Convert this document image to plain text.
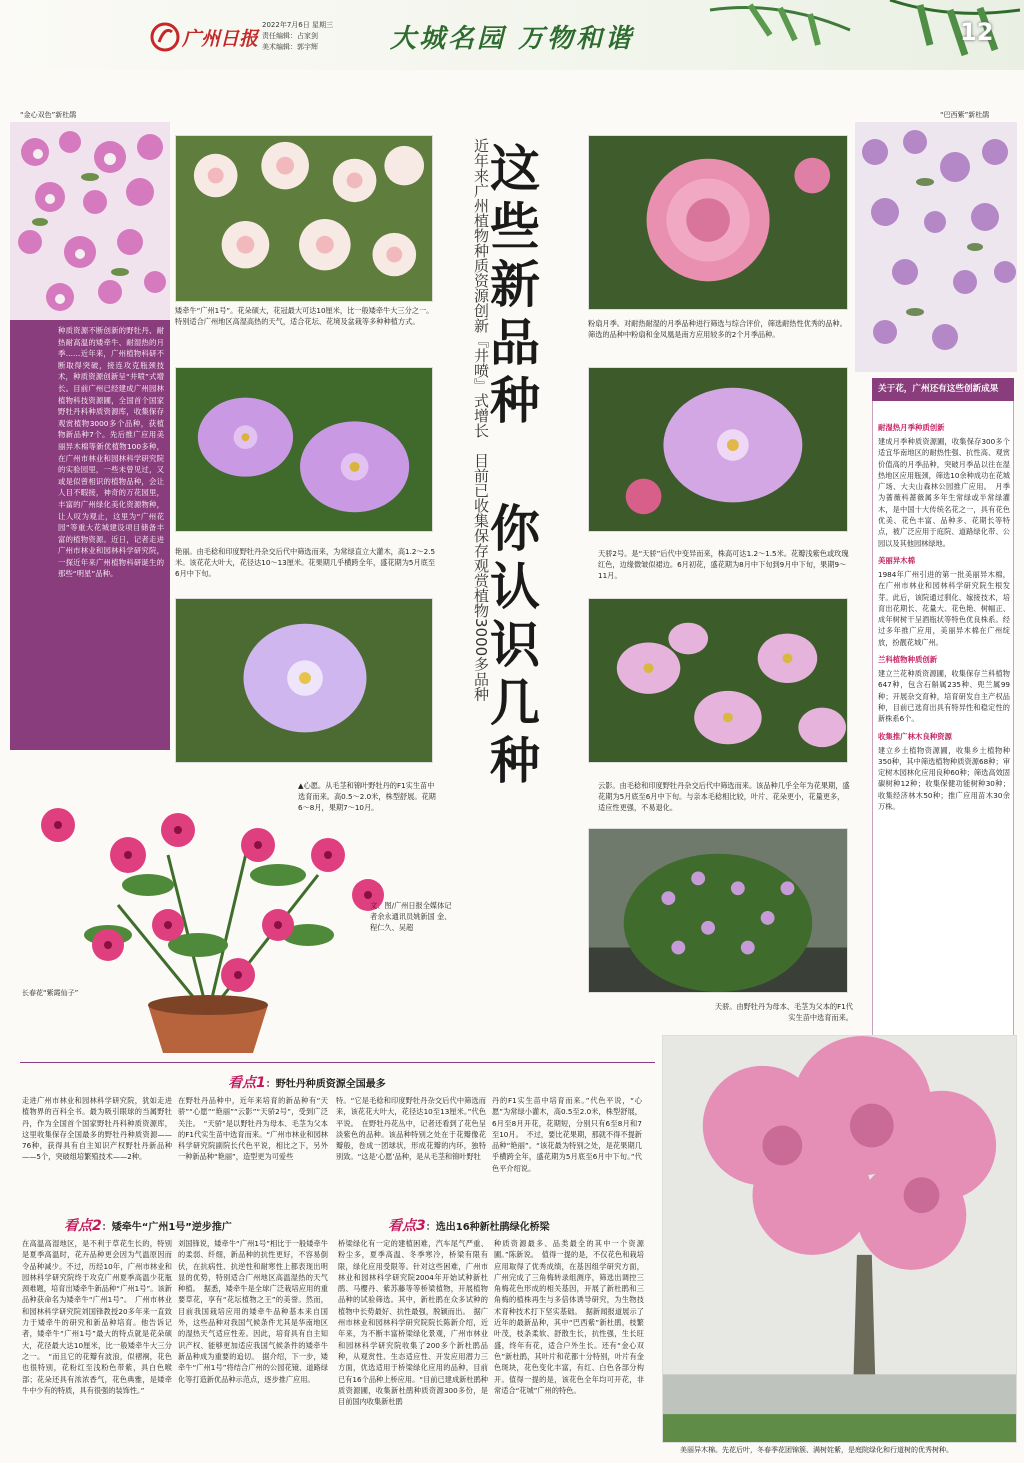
广州日报
2022年7月6日 星期三
责任编辑：占家剑
美术编辑：郭宇辉	大城名园 万物和谐	12
“金心双色”新杜鹃	“巴西紫”新杜鹃
种质资源不断创新的野牡丹、耐热耐高温的矮牵牛、耐湿热的月季……近年来，广州植物科研不断取得突破，接连攻克瓶颈技术，种质资源创新呈“井喷”式增长。目前广州已经建成广州园林植物科技资源圃，全国首个国家野牡丹科种质资源库，收集保存观赏植物3000多个品种，获植物新品种7个。先后推广应用美丽异木棉等新优植物100多种，在广州市林业和园林科学研究院的实验园里，一些未曾见过，又或是似曾相识的植物品种，会让人目不暇接，神奇的万花园里，丰富的广州绿化美化资源物种，让人叹为观止，这里为“广州花园”等重大花城建设项目储备丰富的植物资源。近日，记者走进广州市林业和园林科学研究院，一探近年来广州植物科研诞生的那些“明星”品种。
这些新品种
你认识几种
近年来广州植物种质资源创新『井喷』式增长　目前已收集保存观赏植物3000多品种
矮牵牛“广州1号”。花朵硕大，花冠最大可达10厘米，比一般矮牵牛大三分之一。特别适合广州地区高湿高热的天气，适合花坛、花境及盆栽等多种种植方式。
艳丽。由毛稔和印度野牡丹杂交后代中筛选而来，为常绿直立大灌木，高1.2～2.5米。该花花大叶大，花径达10～13厘米。花果期几乎横跨全年，盛花期为5月底至6月中下旬。
▲心愿。从毛茎和锦叶野牡丹的F1实生苗中选育而来。高0.5～2.0米，株型舒展。花期6～8月，果期7～10月。
长春花“紫霞仙子”
文、图/广州日报全媒体记者余永通讯员姚新国 金、程仁久、吴超
粉扇月季。对耐热耐湿的月季品种进行筛选与综合评价，筛选耐热性优秀的品种。筛选的品种中粉扇和金凤凰是南方应用较多的2个月季品种。
天骄2号。是“天骄”后代中变异而来，株高可达1.2～1.5米。花瓣浅紫色或玫瑰红色，边缘微皱似裙边。6月初花，盛花期为8月中下旬到9月中下旬，果期9～11月。
云影。由毛稔和印度野牡丹杂交后代中筛选而来。该品种几乎全年为花果期，盛花期为5月底至6月中下旬。与亲本毛稔相比较，叶片、花朵更小，花量更多，适应性更强，不易退化。
天骄。由野牡丹为母本、毛茎为父本的F1代实生苗中选育而来。
关于花，广州还有这些创新成果
耐湿热月季种质创新
建成月季种质资源圃，收集保存300多个适宜华南地区的耐热性强、抗性高、观赏价值高的月季品种，突破月季品以往在湿热地区应用瓶颈，筛选10余种成功在花城广场、大夫山森林公园推广应用。　月季为蔷薇科蔷薇属多年生常绿或半常绿灌木，是中国十大传统名花之一，具有花色优美、花色丰富、品种多、花期长等特点，被广泛应用于庭院、道路绿化带、公园以及其他园林绿地。
美丽异木棉
1984年广州引进的第一批美丽异木棉，在广州市林业和园林科学研究院生根发芽。此后，该院通过驯化、嫁接技术，培育出花期长、花量大、花色艳、树幅正、成年树树干呈酒瓶状等特色优良株系。经过多年推广应用，美丽异木棉在广州绽放，扮靓花城广州。
兰科植物种质创新
建立兰花种质资源圃，收集保存兰科植物647种，包含石斛属235种、兜兰属99种；开展杂交育种，培育研发自主产权品种，目前已选育出具有特异性和稳定性的新株系6个。
收集推广林木良种资源
建立乡土植物资源圃，收集乡土植物种350种，其中筛选植物种质资源68种；审定树木园林化应用良种60种；筛选高效固碳树种12种；收集保健功能树种30种；收集经济林木50种；推广应用苗木30余万株。
看点1：野牡丹种质资源全国最多
走进广州市林业和园林科学研究院，犹如走进植物界的百科全书。最为吸引眼球的当属野牡丹，作为全国首个国家野牡丹科种质资源库，这里收集保存全国最多的野牡丹种质资源——76种，获得具有自主知识产权野牡丹新品种——5个，突破组培繁殖技术——2种。
在野牡丹品种中，近年来培育的新品种有“天骄”“心愿”“艳丽”“云影”“天骄2号”，受到广泛关注。　“天骄”是以野牡丹为母本、毛茎为父本的F1代实生苗中选育而来。“广州市林业和园林科学研究院副院长代色平说，相比之下，另外一种新品种“艳丽”，造型更为可爱些
特。“它是毛稔和印度野牡丹杂交后代中筛选而来，该花花大叶大，花径达10至13厘米。”代色平说。　在野牡丹花丛中，记者还看到了花色呈淡紫色的品种。该品种特别之处在于花瓣像花瓣般，卷成一团球状，形成花瓣的内环，独特别致。“这是‘心愿’品种，是从毛茎和锦叶野牡
丹的F1实生苗中培育而来。”代色平说，“心愿”为常绿小灌木，高0.5至2.0米，株型舒展，6月至8月开花，花期短，分别只有6至8月和7至10月。　不过，要比花果期，那就不得不提新品种“艳丽”。“该花最为特别之处，是花果期几乎横跨全年，盛花期为5月底至6月中下旬。”代色平介绍说。
看点2：矮牵牛“广州1号”逆步推广
在高温高湿地区，是不利于草花生长的，特别是夏季高温时，花卉品种更会因为气温原因而令品种减少。不过，历经10年，广州市林业和园林科学研究院终于攻克广州夏季高温少花瓶颈难题，培育出矮牵牛新品种“广州1号”。该新品种获命名为矮牵牛“广州1号”。　广州市林业和园林科学研究院刘国锋教授20多年来一直致力于矮牵牛的研究和新品种培育。他告诉记者，矮牵牛“广州1号”最大的特点就是花朵硕大，花径最大达10厘米，比一般矮牵牛大三分之一。　“而且它的花瓣有波浪，似褶裥，花色也很特别，花粉红至浅粉色带紫，具白色喉部；花朵还具有浓浓香气，花色典雅，是矮牵牛中少有的特质，具有很强的装饰性。”
刘国锋说，矮牵牛“广州1号”相比于一般矮牵牛的柔弱、纤细，新品种的抗性更好，不容易倒伏，在抗病性、抗逆性和耐寒性上都表现出明显的优势，特别适合广州地区高温湿热的天气种植。　据悉，矮牵牛是全球广泛栽培应用的重要草花，享有“花坛植物之王”的美誉。然而，目前我国栽培应用的矮牵牛品种基本来自国外，这些品种对我国气候条件尤其是华南地区的湿热天气适应性差。因此，培育具有自主知识产权、能够更加适应我国气候条件的矮牵牛新品种成为重要的追切。　据介绍，下一步，矮牵牛“广州1号”将结合广州的公园花镜、道路绿化等打造新优品种示范点，逐步推广应用。
看点3：选出16种新杜鹃绿化桥梁
桥梁绿化有一定的建植困难，汽车尾气严重、粉尘多，夏季高温、冬季寒冷，桥梁有限有限，绿化应用受限等。针对这些困难，广州市林业和园林科学研究院2004年开始试种新杜鹃、马樱丹、紫苏藤等等桥梁植物，开展植物品种的试验筛选。其中，新杜鹃在众多试种的植物中长势最好、抗性最强，脱颖而出。　据广州市林业和园林科学研究院院长陈新介绍，近年来，为不断丰富桥梁绿化景观，广州市林业和园林科学研究院收集了200多个新杜鹃品种，从观赏性、生态适应性、开发应用潜力三方面，优选适用于桥梁绿化应用的品种，目前已有16个品种上桥应用。“目前已建成新杜鹃种质资源圃，收集新杜鹃种质资源300多份，是目前国内收集新杜鹃
种质资源最多、品类最全的其中一个资源圃。”陈新说。　值得一提的是，不仅花色和栽培应用取得了优秀成绩，在基因组学研究方面，广州完成了三角梅转录组测序，筛选出调控三角梅花色形成的相关基因，开展了新杜鹃和三角梅的植株再生与多倍体诱导研究，为生物技术育种技术打下坚实基础。　据新闻报道展示了近年的最新品种，其中“巴西紫”新杜鹃，枝繁叶茂，枝条柔软、舒散生长，抗性强，生长旺盛，终年有花，适合户外生长。还有“金心双色”新杜鹃，其叶片和花都十分特别，叶片有金色斑块，花色变化丰富，有红、白色各部分构开。值得一提的是，该花色全年均可开花，非常适合“花城”广州的特色。
美丽异木棉。先花后叶，冬春季花团锦簇、满树姹紫，是庭院绿化和行道树的优秀树种。
